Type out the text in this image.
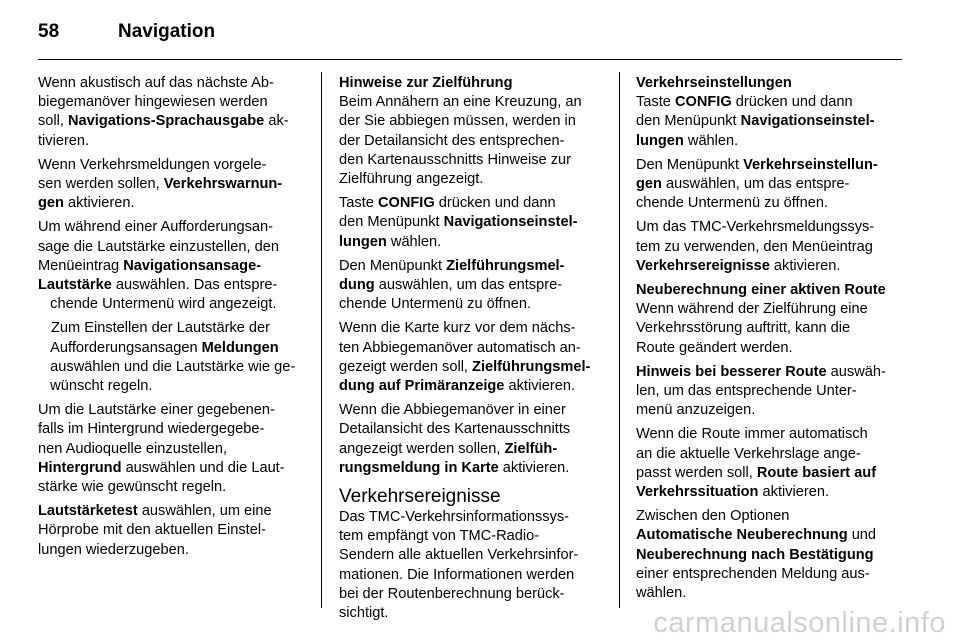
58	Navigation

Wenn akustisch auf das nächste Ab-
biegemanöver hingewiesen werden
soll, Navigations-Sprachausgabe ak-
tivieren.

Wenn Verkehrsmeldungen vorgele-
sen werden sollen, Verkehrswarnun-
gen aktivieren.

Um während einer Aufforderungsan-
sage die Lautstärke einzustellen, den
Menüeintrag Navigationsansage-
Lautstärke auswählen. Das entspre-
chende Untermenü wird angezeigt.

Zum Einstellen der Lautstärke der
Aufforderungsansagen Meldungen
auswählen und die Lautstärke wie ge-
wünscht regeln.

Um die Lautstärke einer gegebenen-
falls im Hintergrund wiedergegebe-
nen Audioquelle einzustellen,
Hintergrund auswählen und die Laut-
stärke wie gewünscht regeln.

Lautstärketest auswählen, um eine
Hörprobe mit den aktuellen Einstel-
lungen wiederzugeben.

Hinweise zur Zielführung

Beim Annähern an eine Kreuzung, an
der Sie abbiegen müssen, werden in
der Detailansicht des entsprechen-
den Kartenausschnitts Hinweise zur
Zielführung angezeigt.

Taste CONFIG drücken und dann
den Menüpunkt Navigationseinstel-
lungen wählen.

Den Menüpunkt Zielführungsmel-
dung auswählen, um das entspre-
chende Untermenü zu öffnen.

Wenn die Karte kurz vor dem nächs-
ten Abbiegemanöver automatisch an-
gezeigt werden soll, Zielführungsmel-
dung auf Primäranzeige aktivieren.

Wenn die Abbiegemanöver in einer
Detailansicht des Kartenausschnitts
angezeigt werden sollen, Zielfüh-
rungsmeldung in Karte aktivieren.

Verkehrsereignisse

Das TMC-Verkehrsinformationssys-
tem empfängt von TMC-Radio-
Sendern alle aktuellen Verkehrsinfor-
mationen. Die Informationen werden
bei der Routenberechnung berück-
sichtigt.

Verkehrseinstellungen

Taste CONFIG drücken und dann
den Menüpunkt Navigationseinstel-
lungen wählen.

Den Menüpunkt Verkehrseinstellun-
gen auswählen, um das entspre-
chende Untermenü zu öffnen.

Um das TMC-Verkehrsmeldungssys-
tem zu verwenden, den Menüeintrag
Verkehrsereignisse aktivieren.

Neuberechnung einer aktiven Route

Wenn während der Zielführung eine
Verkehrsstörung auftritt, kann die
Route geändert werden.

Hinweis bei besserer Route auswäh-
len, um das entsprechende Unter-
menü anzuzeigen.

Wenn die Route immer automatisch
an die aktuelle Verkehrslage ange-
passt werden soll, Route basiert auf
Verkehrssituation aktivieren.

Zwischen den Optionen
Automatische Neuberechnung und
Neuberechnung nach Bestätigung
einer entsprechenden Meldung aus-
wählen.

carmanualsonline.info
